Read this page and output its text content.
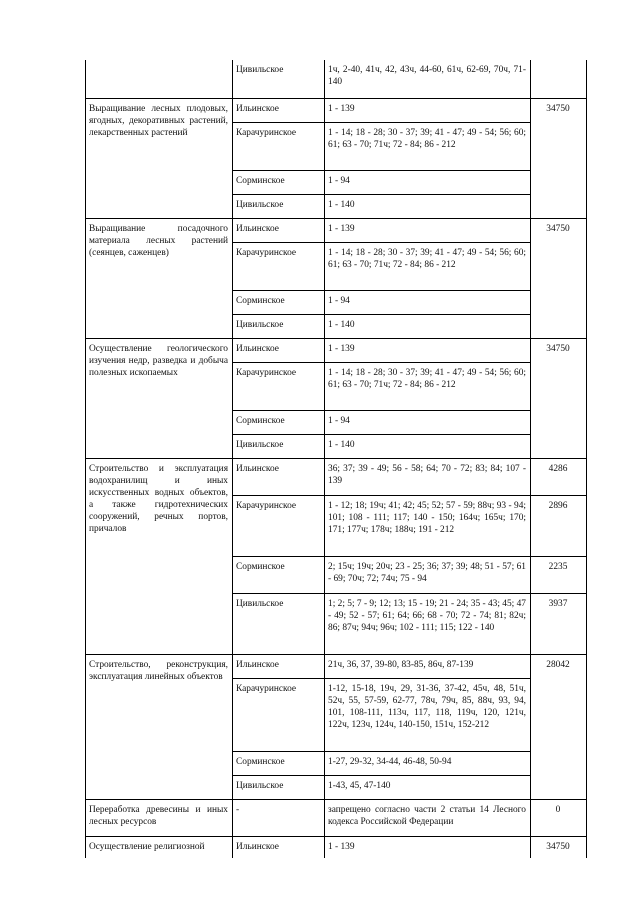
	Цивильское	1ч, 2-40, 41ч, 42, 43ч, 44-60, 61ч, 62-69, 70ч, 71-140	
Выращивание лесных плодовых, ягодных, декоративных растений, лекарственных растений	Ильинское	1 - 139	34750
	Карачуринское	1 - 14; 18 - 28; 30 - 37; 39; 41 - 47; 49 - 54; 56; 60; 61; 63 - 70; 71ч; 72 - 84; 86 - 212	
	Сорминское	1 - 94	
	Цивильское	1 - 140	
Выращивание посадочного материала лесных растений (сеянцев, саженцев)	Ильинское	1 - 139	34750
	Карачуринское	1 - 14; 18 - 28; 30 - 37; 39; 41 - 47; 49 - 54; 56; 60; 61; 63 - 70; 71ч; 72 - 84; 86 - 212	
	Сорминское	1 - 94	
	Цивильское	1 - 140	
Осуществление геологического изучения недр, разведка и добыча полезных ископаемых	Ильинское	1 - 139	34750
	Карачуринское	1 - 14; 18 - 28; 30 - 37; 39; 41 - 47; 49 - 54; 56; 60; 61; 63 - 70; 71ч; 72 - 84; 86 - 212	
	Сорминское	1 - 94	
	Цивильское	1 - 140	
Строительство и эксплуатация водохранилищ и иных искусственных водных объектов, а также гидротехнических сооружений, речных портов, причалов	Ильинское	36; 37; 39 - 49; 56 - 58; 64; 70 - 72; 83; 84; 107 - 139	4286
	Карачуринское	1 - 12; 18; 19ч; 41; 42; 45; 52; 57 - 59; 88ч; 93 - 94; 101; 108 - 111; 117; 140 - 150; 164ч; 165ч; 170; 171; 177ч; 178ч; 188ч; 191 - 212	2896
	Сорминское	2; 15ч; 19ч; 20ч; 23 - 25; 36; 37; 39; 48; 51 - 57; 61 - 69; 70ч; 72; 74ч; 75 - 94	2235
	Цивильское	1; 2; 5; 7 - 9; 12; 13; 15 - 19; 21 - 24; 35 - 43; 45; 47 - 49; 52 - 57; 61; 64; 66; 68 - 70; 72 - 74; 81; 82ч; 86; 87ч; 94ч; 96ч; 102 - 111; 115; 122 - 140	3937
Строительство, реконструкция, эксплуатация линейных объектов	Ильинское	21ч, 36, 37, 39-80, 83-85, 86ч, 87-139	28042
	Карачуринское	1-12, 15-18, 19ч, 29, 31-36, 37-42, 45ч, 48, 51ч, 52ч, 55, 57-59, 62-77, 78ч, 79ч, 85, 88ч, 93, 94, 101, 108-111, 113ч, 117, 118, 119ч, 120, 121ч, 122ч, 123ч, 124ч, 140-150, 151ч, 152-212	
	Сорминское	1-27, 29-32, 34-44, 46-48, 50-94	
	Цивильское	1-43, 45, 47-140	
Переработка древесины и иных лесных ресурсов	-	запрещено согласно части 2 статьи 14 Лесного кодекса Российской Федерации	0
Осуществление религиозной	Ильинское	1 - 139	34750
